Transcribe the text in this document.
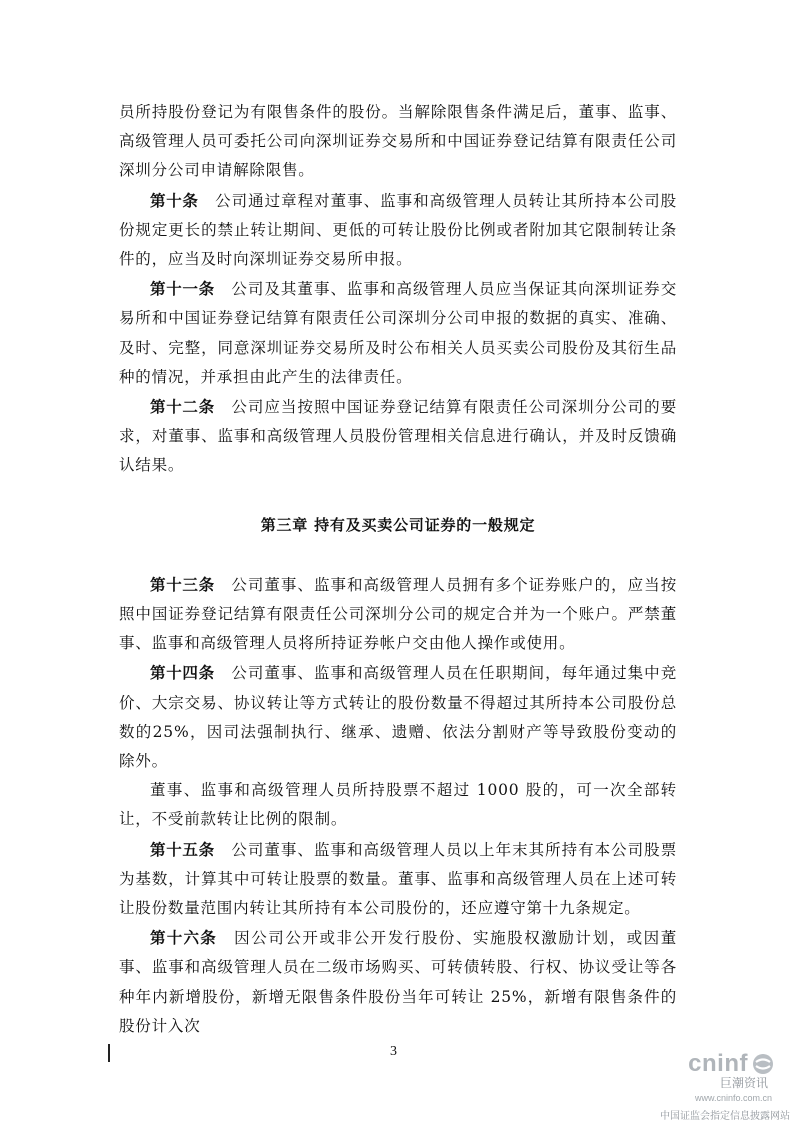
员所持股份登记为有限售条件的股份。当解除限售条件满足后，董事、监事、高级管理人员可委托公司向深圳证券交易所和中国证券登记结算有限责任公司深圳分公司申请解除限售。

第十条  公司通过章程对董事、监事和高级管理人员转让其所持本公司股份规定更长的禁止转让期间、更低的可转让股份比例或者附加其它限制转让条件的，应当及时向深圳证券交易所申报。

第十一条  公司及其董事、监事和高级管理人员应当保证其向深圳证券交易所和中国证券登记结算有限责任公司深圳分公司申报的数据的真实、准确、及时、完整，同意深圳证券交易所及时公布相关人员买卖公司股份及其衍生品种的情况，并承担由此产生的法律责任。

第十二条  公司应当按照中国证券登记结算有限责任公司深圳分公司的要求，对董事、监事和高级管理人员股份管理相关信息进行确认，并及时反馈确认结果。

第三章 持有及买卖公司证券的一般规定

第十三条  公司董事、监事和高级管理人员拥有多个证券账户的，应当按照中国证券登记结算有限责任公司深圳分公司的规定合并为一个账户。严禁董事、监事和高级管理人员将所持证券帐户交由他人操作或使用。

第十四条  公司董事、监事和高级管理人员在任职期间，每年通过集中竞价、大宗交易、协议转让等方式转让的股份数量不得超过其所持本公司股份总数的25%，因司法强制执行、继承、遗赠、依法分割财产等导致股份变动的除外。

董事、监事和高级管理人员所持股票不超过 1000 股的，可一次全部转让，不受前款转让比例的限制。

第十五条  公司董事、监事和高级管理人员以上年末其所持有本公司股票为基数，计算其中可转让股票的数量。董事、监事和高级管理人员在上述可转让股份数量范围内转让其所持有本公司股份的，还应遵守第十九条规定。

第十六条  因公司公开或非公开发行股份、实施股权激励计划，或因董事、监事和高级管理人员在二级市场购买、可转债转股、行权、协议受让等各种年内新增股份，新增无限售条件股份当年可转让 25%，新增有限售条件的股份计入次

3	cninf
巨潮资讯
www.cninfo.com.cn
中国证监会指定信息披露网站
